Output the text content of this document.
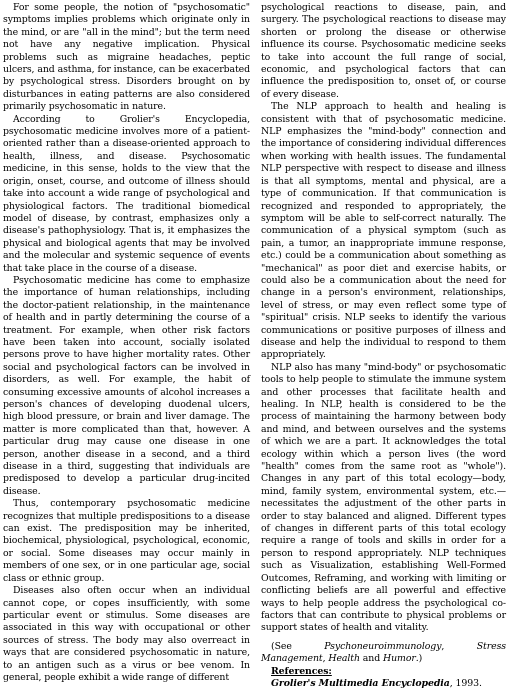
For some people, the notion of "psychosomatic" symptoms implies problems which originate only in the mind, or are "all in the mind"; but the term need not have any negative implication. Physical problems such as migraine headaches, peptic ulcers, and asthma, for instance, can be exacerbated by psychological stress. Disorders brought on by disturbances in eating patterns are also considered primarily psychosomatic in nature.

According to Grolier's Encyclopedia, psychosomatic medicine involves more of a patient-oriented rather than a disease-oriented approach to health, illness, and disease. Psychosomatic medicine, in this sense, holds to the view that the origin, onset, course, and outcome of illness should take into account a wide range of psychological and physiological factors. The traditional biomedical model of disease, by contrast, emphasizes only a disease's pathophysiology. That is, it emphasizes the physical and biological agents that may be involved and the molecular and systemic sequence of events that take place in the course of a disease.

Psychosomatic medicine has come to emphasize the importance of human relationships, including the doctor-patient relationship, in the maintenance of health and in partly determining the course of a treatment. For example, when other risk factors have been taken into account, socially isolated persons prove to have higher mortality rates. Other social and psychological factors can be involved in disorders, as well. For example, the habit of consuming excessive amounts of alcohol increases a person's chances of developing duodenal ulcers, high blood pressure, or brain and liver damage. The matter is more complicated than that, however. A particular drug may cause one disease in one person, another disease in a second, and a third disease in a third, suggesting that individuals are predisposed to develop a particular drug-incited disease.

Thus, contemporary psychosomatic medicine recognizes that multiple predispositions to a disease can exist. The predisposition may be inherited, biochemical, physiological, psychological, economic, or social. Some diseases may occur mainly in members of one sex, or in one particular age, social class or ethnic group.

Diseases also often occur when an individual cannot cope, or copes insufficiently, with some particular event or stimulus. Some diseases are associated in this way with occupational or other sources of stress. The body may also overreact in ways that are considered psychosomatic in nature, to an antigen such as a virus or bee venom. In general, people exhibit a wide range of different

psychological reactions to disease, pain, and surgery. The psychological reactions to disease may shorten or prolong the disease or otherwise influence its course. Psychosomatic medicine seeks to take into account the full range of social, economic, and psychological factors that can influence the predisposition to, onset of, or course of every disease.

The NLP approach to health and healing is consistent with that of psychosomatic medicine. NLP emphasizes the "mind-body" connection and the importance of considering individual differences when working with health issues. The fundamental NLP perspective with respect to disease and illness is that all symptoms, mental and physical, are a type of communication. If that communication is recognized and responded to appropriately, the symptom will be able to self-correct naturally. The communication of a physical symptom (such as pain, a tumor, an inappropriate immune response, etc.) could be a communication about something as "mechanical" as poor diet and exercise habits, or could also be a communication about the need for change in a person's environment, relationships, level of stress, or may even reflect some type of "spiritual" crisis. NLP seeks to identify the various communications or positive purposes of illness and disease and help the individual to respond to them appropriately.

NLP also has many "mind-body" or psychosomatic tools to help people to stimulate the immune system and other processes that facilitate health and healing. In NLP, health is considered to be the process of maintaining the harmony between body and mind, and between ourselves and the systems of which we are a part. It acknowledges the total ecology within which a person lives (the word "health" comes from the same root as "whole"). Changes in any part of this total ecology—body, mind, family system, environmental system, etc.—necessitates the adjustment of the other parts in order to stay balanced and aligned. Different types of changes in different parts of this total ecology require a range of tools and skills in order for a person to respond appropriately. NLP techniques such as Visualization, establishing Well-Formed Outcomes, Reframing, and working with limiting or conflicting beliefs are all powerful and effective ways to help people address the psychological co-factors that can contribute to physical problems or support states of health and vitality.

(See Psychoneuroimmunology, Stress Management, Health and Humor.)

References:

Grolier's Multimedia Encyclopedia, 1993.
